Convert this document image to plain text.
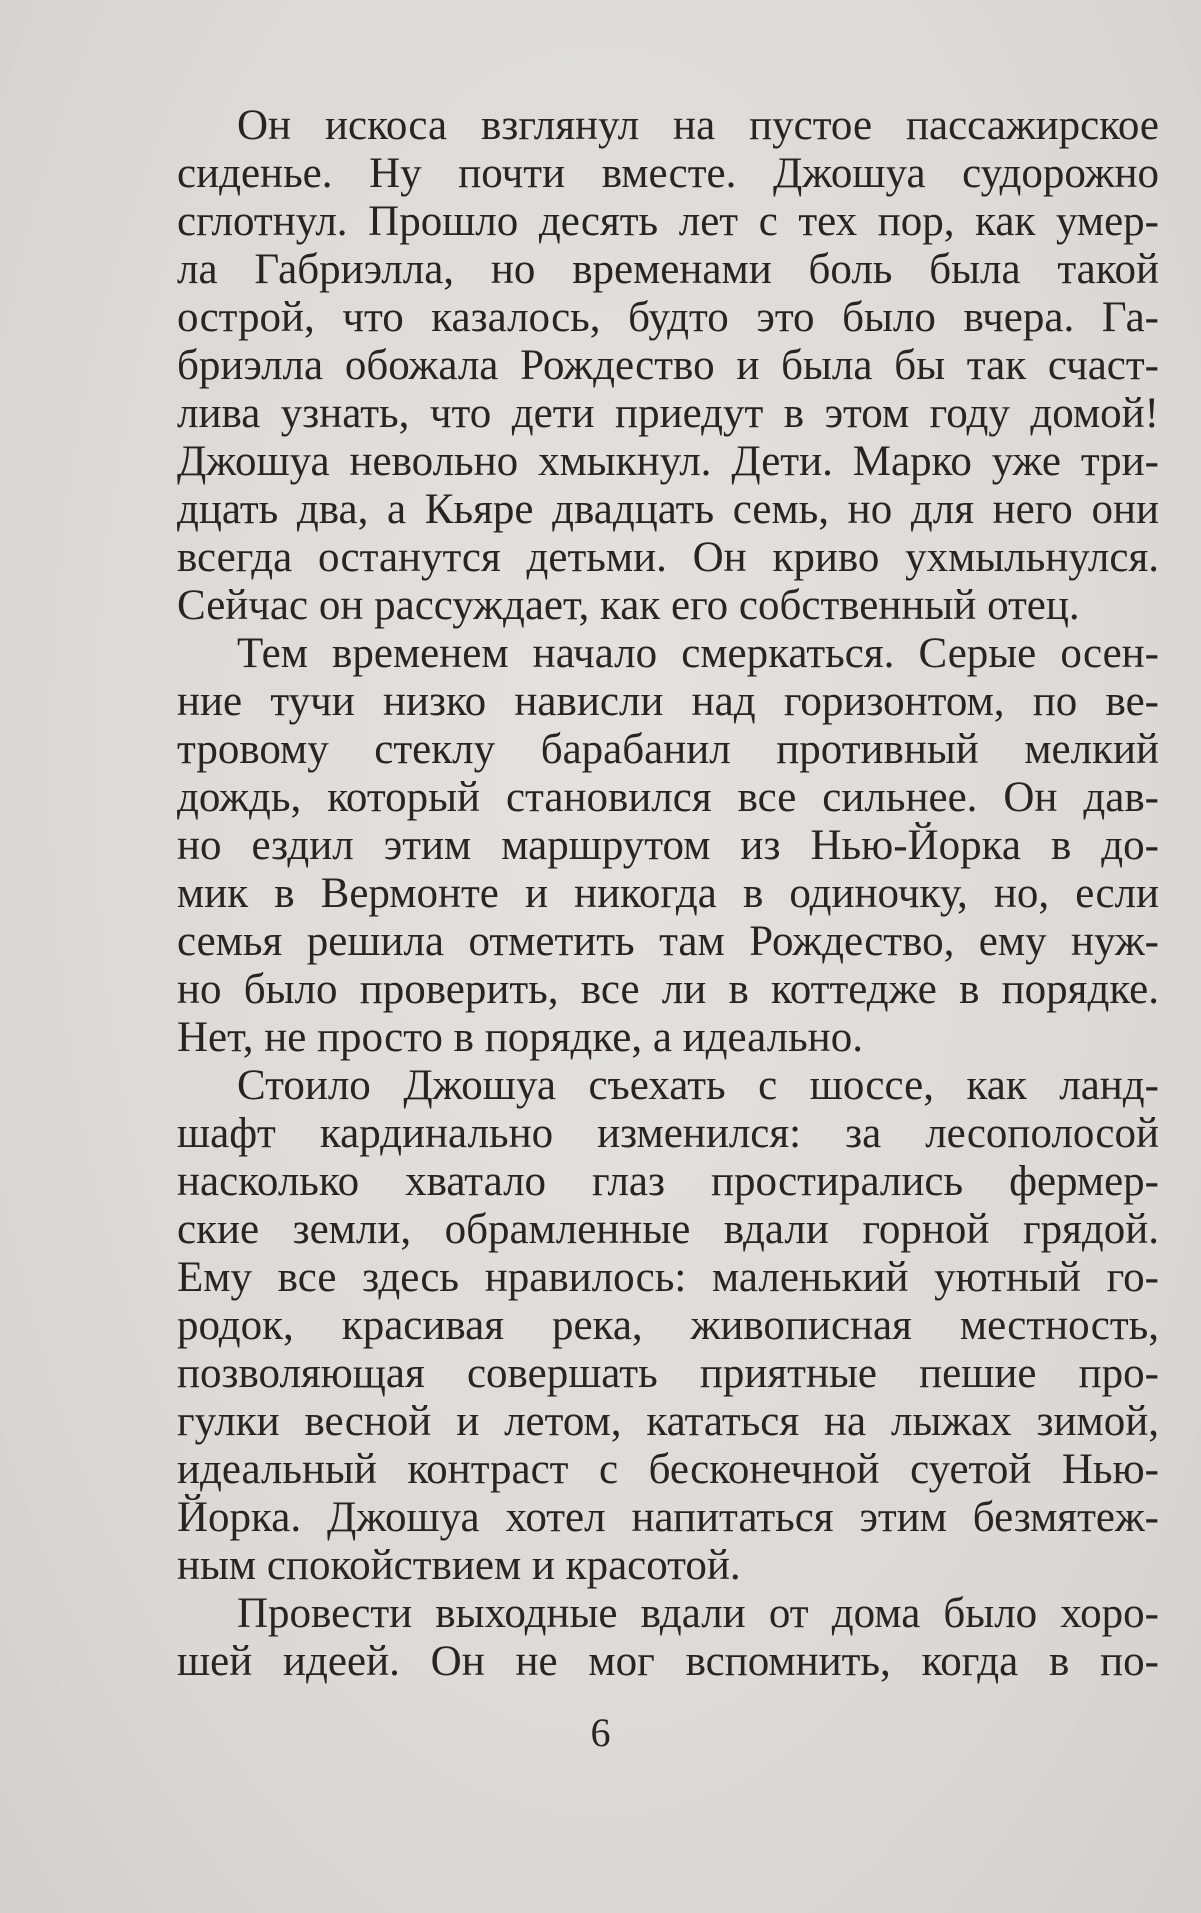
Он искоса взглянул на пустое пассажирское
сиденье. Ну почти вместе. Джошуа судорожно
сглотнул. Прошло десять лет с тех пор, как умер-
ла Габриэлла, но временами боль была такой
острой, что казалось, будто это было вчера. Га-
бриэлла обожала Рождество и была бы так счаст-
лива узнать, что дети приедут в этом году домой!
Джошуа невольно хмыкнул. Дети. Марко уже три-
дцать два, а Кьяре двадцать семь, но для него они
всегда останутся детьми. Он криво ухмыльнулся.
Сейчас он рассуждает, как его собственный отец.
Тем временем начало смеркаться. Серые осен-
ние тучи низко нависли над горизонтом, по ве-
тровому стеклу барабанил противный мелкий
дождь, который становился все сильнее. Он дав-
но ездил этим маршрутом из Нью-Йорка в до-
мик в Вермонте и никогда в одиночку, но, если
семья решила отметить там Рождество, ему нуж-
но было проверить, все ли в коттедже в порядке.
Нет, не просто в порядке, а идеально.
Стоило Джошуа съехать с шоссе, как ланд-
шафт кардинально изменился: за лесополосой
насколько хватало глаз простирались фермер-
ские земли, обрамленные вдали горной грядой.
Ему все здесь нравилось: маленький уютный го-
родок, красивая река, живописная местность,
позволяющая совершать приятные пешие про-
гулки весной и летом, кататься на лыжах зимой,
идеальный контраст с бесконечной суетой Нью-
Йорка. Джошуа хотел напитаться этим безмятеж-
ным спокойствием и красотой.
Провести выходные вдали от дома было хоро-
шей идеей. Он не мог вспомнить, когда в по-
6
